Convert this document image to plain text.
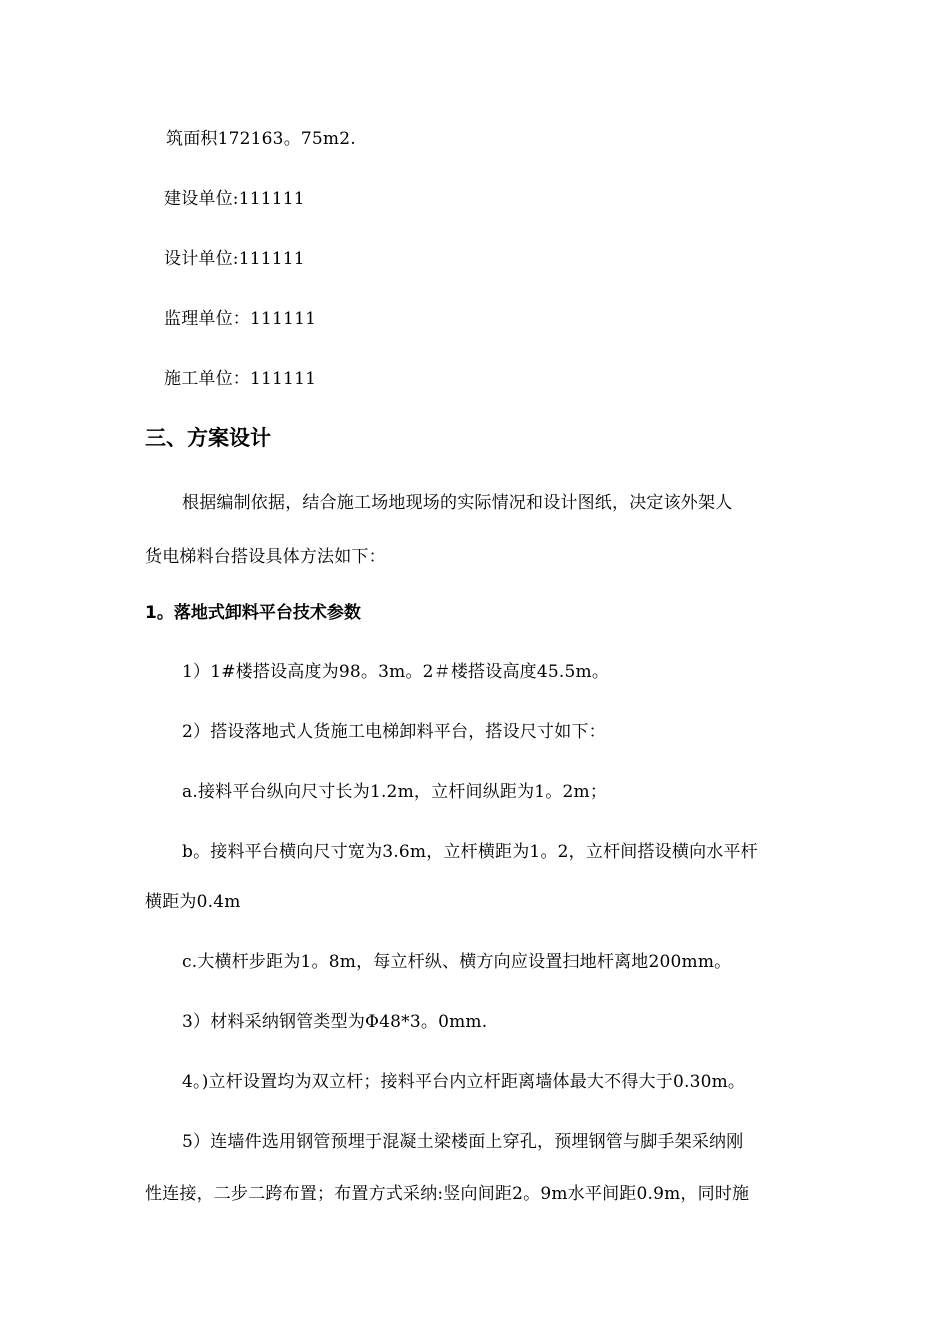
筑面积172163。75m2.
建设单位:111111
设计单位:111111
监理单位：111111
施工单位：111111
三、方案设计
根据编制依据，结合施工场地现场的实际情况和设计图纸，决定该外架人
货电梯料台搭设具体方法如下：
1。落地式卸料平台技术参数
1）1#楼搭设高度为98。3m。2＃楼搭设高度45.5m。
2）搭设落地式人货施工电梯卸料平台，搭设尺寸如下：
a.接料平台纵向尺寸长为1.2m，立杆间纵距为1。2m；
b。接料平台横向尺寸宽为3.6m，立杆横距为1。2，立杆间搭设横向水平杆
横距为0.4m
c.大横杆步距为1。8m，每立杆纵、横方向应设置扫地杆离地200mm。
3）材料采纳钢管类型为Φ48*3。0mm.
4。)立杆设置均为双立杆；接料平台内立杆距离墙体最大不得大于0.30m。
5）连墙件选用钢管预埋于混凝土梁楼面上穿孔，预埋钢管与脚手架采纳刚
性连接，二步二跨布置；布置方式采纳:竖向间距2。9m水平间距0.9m，同时施
